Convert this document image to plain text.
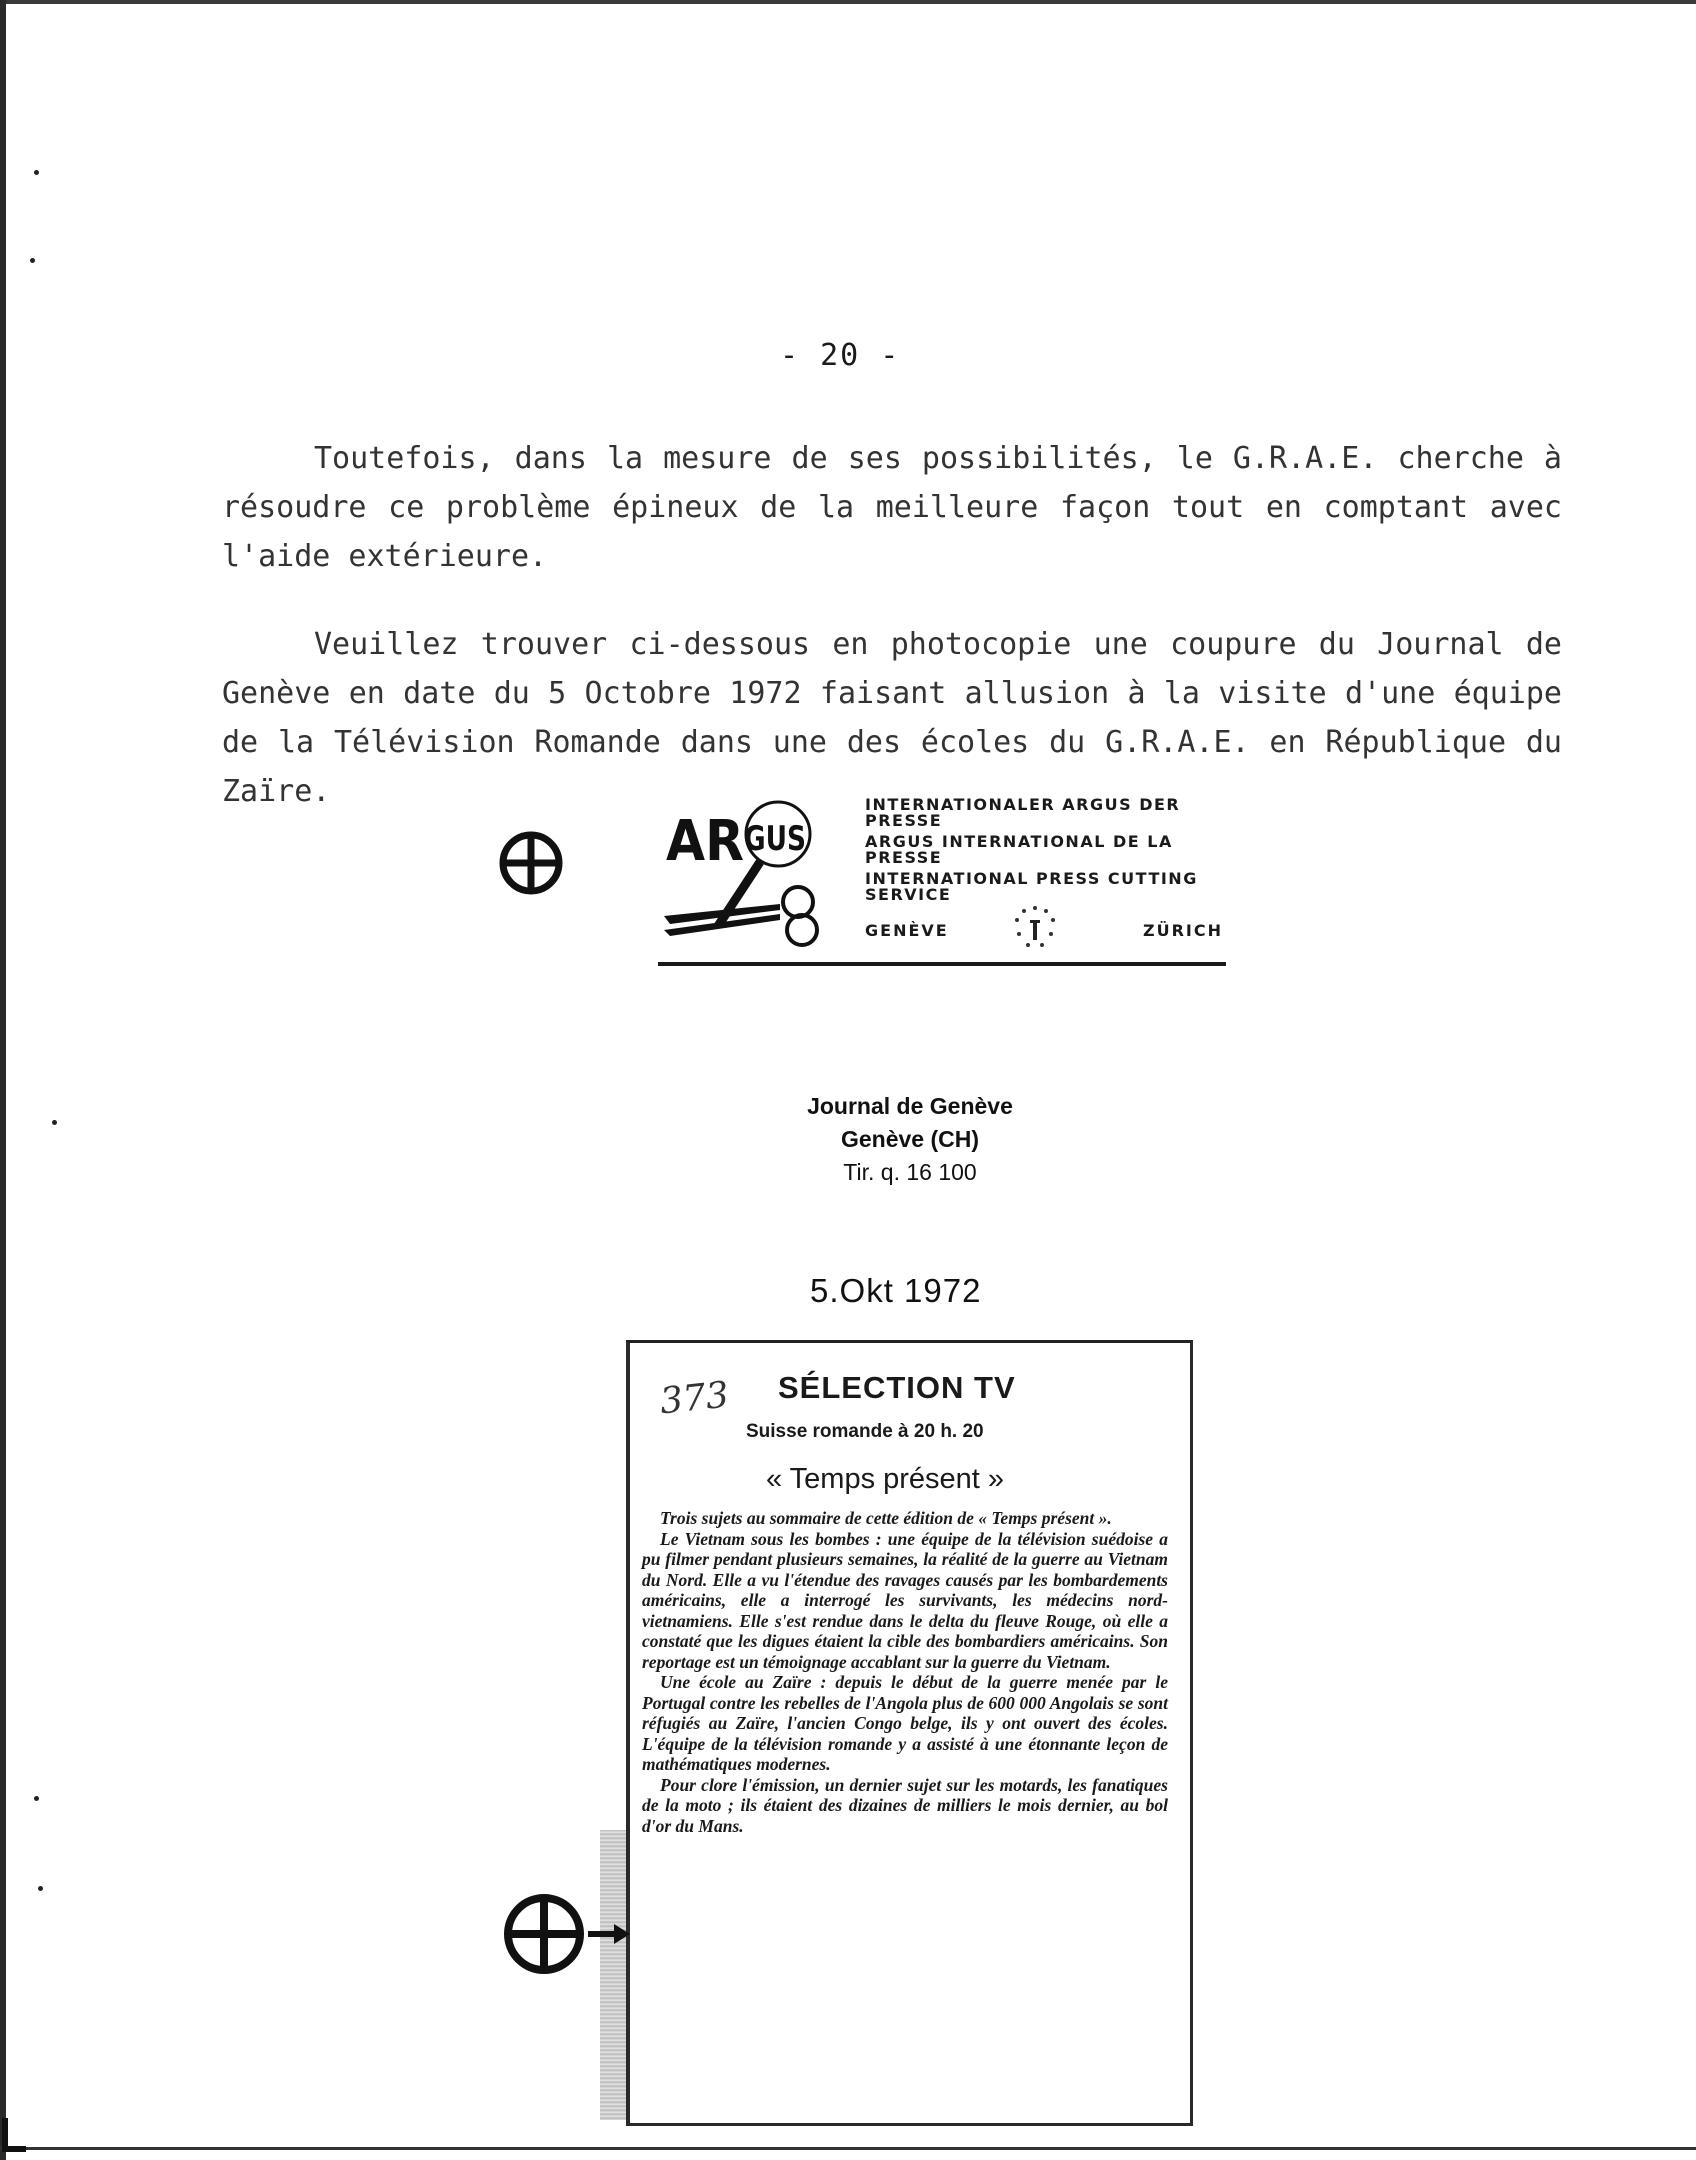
- 20 -
Toutefois, dans la mesure de ses possibilités, le G.R.A.E. cherche à résoudre ce problème épineux de la meilleure façon tout en comptant avec l'aide extérieure.
Veuillez trouver ci-dessous en photocopie une coupure du Journal de Genève en date du 5 Octobre 1972 faisant allusion à la visite d'une équipe de la Télévision Romande dans une des écoles du G.R.A.E. en République du Zaïre.
AR GUS
INTERNATIONALER ARGUS DER PRESSE
ARGUS INTERNATIONAL DE LA PRESSE
INTERNATIONAL PRESS CUTTING SERVICE
GENÈVE	ZÜRICH
Journal de Genève
Genève (CH)
Tir. q. 16 100
5.Okt 1972
373 SÉLECTION TV
Suisse romande à 20 h. 20
« Temps présent »

Trois sujets au sommaire de cette édition de « Temps présent ».

Le Vietnam sous les bombes : une équipe de la télévision suédoise a pu filmer pendant plusieurs semaines, la réalité de la guerre au Vietnam du Nord. Elle a vu l'étendue des ravages causés par les bombardements américains, elle a interrogé les survivants, les médecins nord-vietnamiens. Elle s'est rendue dans le delta du fleuve Rouge, où elle a constaté que les digues étaient la cible des bombardiers américains. Son reportage est un témoignage accablant sur la guerre du Vietnam.

Une école au Zaïre : depuis le début de la guerre menée par le Portugal contre les rebelles de l'Angola plus de 600 000 Angolais se sont réfugiés au Zaïre, l'ancien Congo belge, ils y ont ouvert des écoles. L'équipe de la télévision romande y a assisté à une étonnante leçon de mathématiques modernes.

Pour clore l'émission, un dernier sujet sur les motards, les fanatiques de la moto ; ils étaient des dizaines de milliers le mois dernier, au bol d'or du Mans.
